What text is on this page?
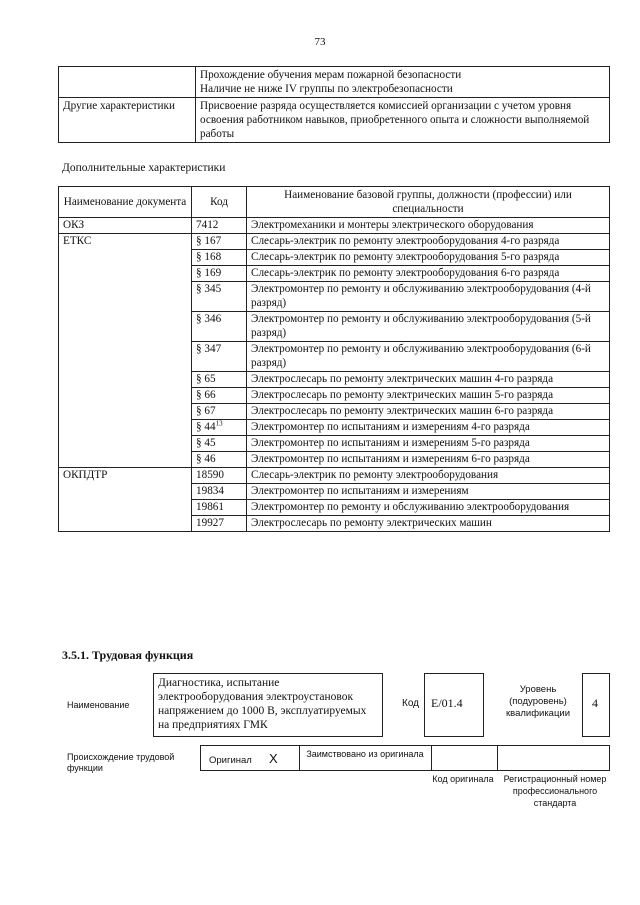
73

	Прохождение обучения мерам пожарной безопасности
Наличие не ниже IV группы по электробезопасности

Другие характеристики	Присвоение разряда осуществляется комиссией организации с учетом уровня освоения работником навыков, приобретенного опыта и сложности выполняемой работы
Дополнительные характеристики
Наименование документа	Код	Наименование базовой группы, должности (профессии) или специальности
ОКЗ	7412	Электромеханики и монтеры электрического оборудования
ЕТКС	§ 167	Слесарь-электрик по ремонту электрооборудования 4-го разряда
	§ 168	Слесарь-электрик по ремонту электрооборудования 5-го разряда
	§ 169	Слесарь-электрик по ремонту электрооборудования 6-го разряда
	§ 345	Электромонтер по ремонту и обслуживанию электрооборудования (4-й разряд)
	§ 346	Электромонтер по ремонту и обслуживанию электрооборудования (5-й разряд)
	§ 347	Электромонтер по ремонту и обслуживанию электрооборудования (6-й разряд)
	§ 65	Электрослесарь по ремонту электрических машин 4-го разряда
	§ 66	Электрослесарь по ремонту электрических машин 5-го разряда
	§ 67	Электрослесарь по ремонту электрических машин 6-го разряда
	§ $44^{13}$	Электромонтер по испытаниям и измерениям 4-го разряда
	§ 45	Электромонтер по испытаниям и измерениям 5-го разряда
	§ 46	Электромонтер по испытаниям и измерениям 6-го разряда
ОКПДТР	18590	Слесарь-электрик по ремонту электрооборудования
	19834	Электромонтер по испытаниям и измерениям
	19861	Электромонтер по ремонту и обслуживанию электрооборудования
	19927	Электрослесарь по ремонту электрических машин
3.5.1. Трудовая функция
Наименование
Диагностика, испытание электрооборудования электроустановок напряжением до 1000 В, эксплуатируемых на предприятиях ГМК
Код E/01.4
Уровень (подуровень) квалификации
4
Происхождение трудовой функции
Оригинал X	Заимствовано из оригинала
Код оригинала	Регистрационный номер профессионального стандарта
